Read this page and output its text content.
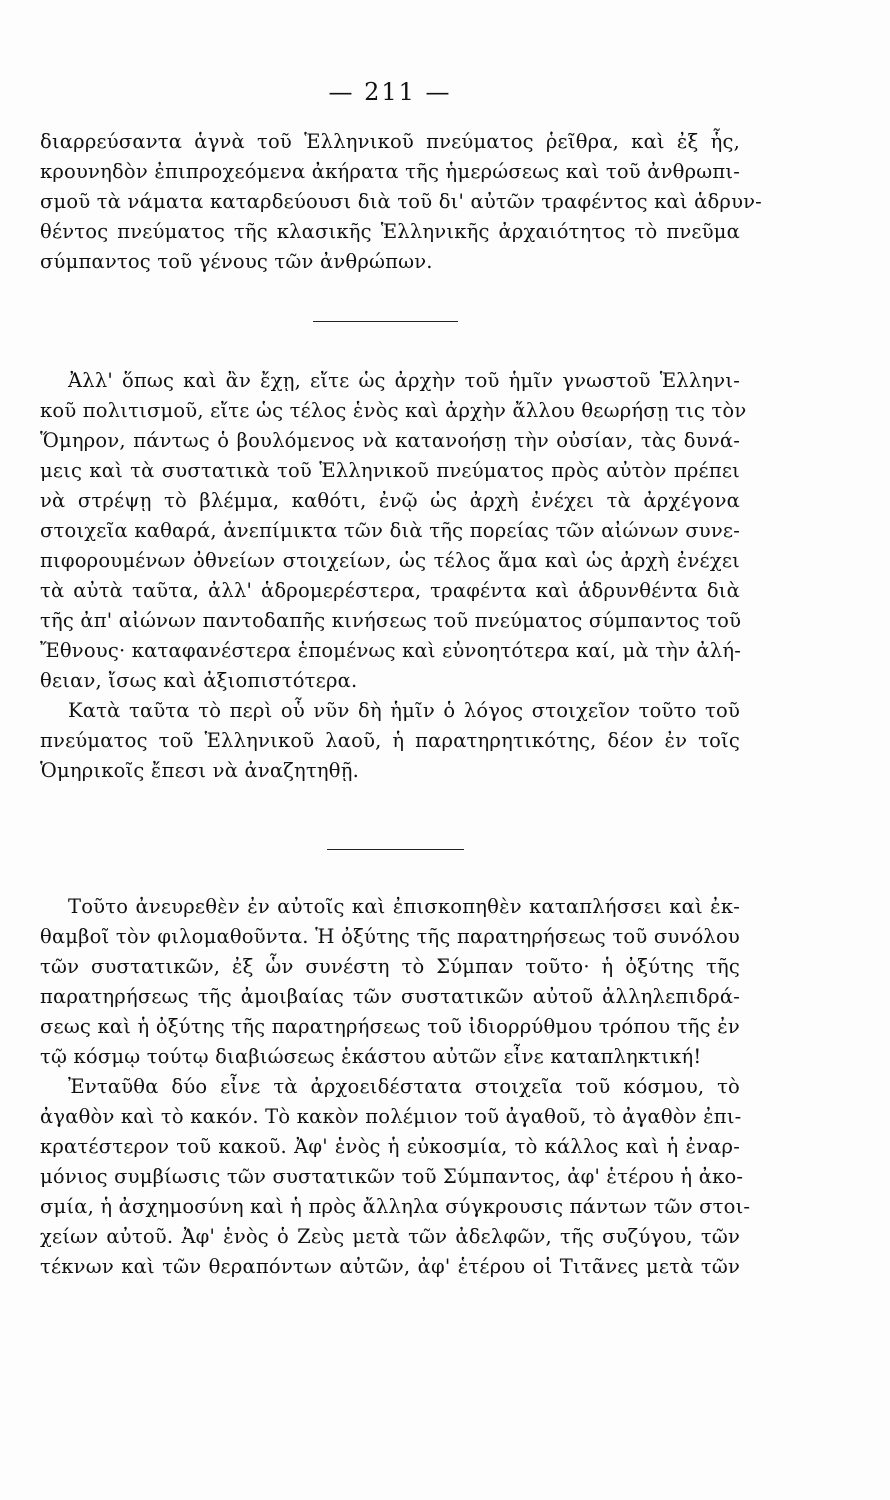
— 211 —
διαρρεύσαντα ἁγνὰ τοῦ Ἑλληνικοῦ πνεύματος ῥεῖθρα, καὶ ἐξ ἧς,
κρουνηδὸν ἐπιπροχεόμενα ἀκήρατα τῆς ἡμερώσεως καὶ τοῦ ἀνθρωπι-
σμοῦ τὰ νάματα καταρδεύουσι διὰ τοῦ δι' αὐτῶν τραφέντος καὶ ἁδρυν-
θέντος πνεύματος τῆς κλασικῆς Ἑλληνικῆς ἀρχαιότητος τὸ πνεῦμα
σύμπαντος τοῦ γένους τῶν ἀνθρώπων.
Ἀλλ' ὅπως καὶ ἂν ἔχῃ, εἴτε ὡς ἀρχὴν τοῦ ἡμῖν γνωστοῦ Ἑλληνι-
κοῦ πολιτισμοῦ, εἴτε ὡς τέλος ἑνὸς καὶ ἀρχὴν ἄλλου θεωρήσῃ τις τὸν
Ὅμηρον, πάντως ὁ βουλόμενος νὰ κατανοήσῃ τὴν οὐσίαν, τὰς δυνά-
μεις καὶ τὰ συστατικὰ τοῦ Ἑλληνικοῦ πνεύματος πρὸς αὐτὸν πρέπει
νὰ στρέψῃ τὸ βλέμμα, καθότι, ἐνῷ ὡς ἀρχὴ ἐνέχει τὰ ἀρχέγονα
στοιχεῖα καθαρά, ἀνεπίμικτα τῶν διὰ τῆς πορείας τῶν αἰώνων συνε-
πιφορουμένων ὀθνείων στοιχείων, ὡς τέλος ἅμα καὶ ὡς ἀρχὴ ἐνέχει
τὰ αὐτὰ ταῦτα, ἀλλ' ἁδρομερέστερα, τραφέντα καὶ ἁδρυνθέντα διὰ
τῆς ἀπ' αἰώνων παντοδαπῆς κινήσεως τοῦ πνεύματος σύμπαντος τοῦ
Ἔθνους· καταφανέστερα ἑπομένως καὶ εὐνοητότερα καί, μὰ τὴν ἀλή-
θειαν, ἴσως καὶ ἀξιοπιστότερα.
Κατὰ ταῦτα τὸ περὶ οὗ νῦν δὴ ἡμῖν ὁ λόγος στοιχεῖον τοῦτο τοῦ
πνεύματος τοῦ Ἑλληνικοῦ λαοῦ, ἡ παρατηρητικότης, δέον ἐν τοῖς
Ὁμηρικοῖς ἔπεσι νὰ ἀναζητηθῇ.
Τοῦτο ἀνευρεθὲν ἐν αὐτοῖς καὶ ἐπισκοπηθὲν καταπλήσσει καὶ ἐκ-
θαμβοῖ τὸν φιλομαθοῦντα. Ἡ ὀξύτης τῆς παρατηρήσεως τοῦ συνόλου
τῶν συστατικῶν, ἐξ ὧν συνέστη τὸ Σύμπαν τοῦτο· ἡ ὀξύτης τῆς
παρατηρήσεως τῆς ἀμοιβαίας τῶν συστατικῶν αὐτοῦ ἀλληλεπιδρά-
σεως καὶ ἡ ὀξύτης τῆς παρατηρήσεως τοῦ ἰδιορρύθμου τρόπου τῆς ἐν
τῷ κόσμῳ τούτῳ διαβιώσεως ἑκάστου αὐτῶν εἶνε καταπληκτική!
Ἐνταῦθα δύο εἶνε τὰ ἀρχοειδέστατα στοιχεῖα τοῦ κόσμου, τὸ
ἀγαθὸν καὶ τὸ κακόν. Τὸ κακὸν πολέμιον τοῦ ἀγαθοῦ, τὸ ἀγαθὸν ἐπι-
κρατέστερον τοῦ κακοῦ. Ἀφ' ἑνὸς ἡ εὐκοσμία, τὸ κάλλος καὶ ἡ ἐναρ-
μόνιος συμβίωσις τῶν συστατικῶν τοῦ Σύμπαντος, ἀφ' ἑτέρου ἡ ἀκο-
σμία, ἡ ἀσχημοσύνη καὶ ἡ πρὸς ἄλληλα σύγκρουσις πάντων τῶν στοι-
χείων αὐτοῦ. Ἀφ' ἑνὸς ὁ Ζεὺς μετὰ τῶν ἀδελφῶν, τῆς συζύγου, τῶν
τέκνων καὶ τῶν θεραπόντων αὐτῶν, ἀφ' ἑτέρου οἱ Τιτᾶνες μετὰ τῶν
